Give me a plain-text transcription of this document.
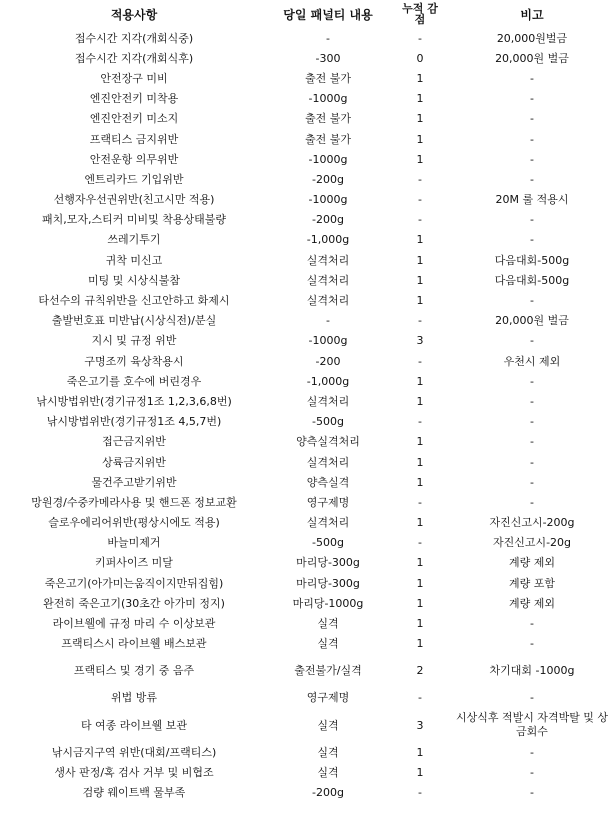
적용사항	당일 패널티 내용	누적 감점	비고
접수시간 지각(개회식중)	-	-	20,000원벌금
접수시간 지각(개회식후)	-300	0	20,000원 벌금
안전장구 미비	출전 불가	1	-
엔진안전키 미착용	-1000g	1	-
엔진안전키 미소지	출전 불가	1	-
프랙티스 금지위반	출전 불가	1	-
안전운항 의무위반	-1000g	1	-
엔트리카드 기입위반	-200g	-	-
선행자우선권위반(친고시만 적용)	-1000g	-	20M 룰 적용시
패치,모자,스티커 미비및 착용상태불량	-200g	-	-
쓰레기투기	-1,000g	1	-
귀착 미신고	실격처리	1	다음대회-500g
미팅 및 시상식불참	실격처리	1	다음대회-500g
타선수의 규칙위반을 신고안하고 화제시	실격처리	1	-
출발번호표 미반납(시상식전)/분실	-	-	20,000원 벌금
지시 및 규정 위반	-1000g	3	-
구명조끼 육상착용시	-200	-	우천시 제외
죽은고기를 호수에 버린경우	-1,000g	1	-
낚시방법위반(경기규정1조 1,2,3,6,8번)	실격처리	1	-
낚시방법위반(경기규정1조 4,5,7번)	-500g	-	-
접근금지위반	양측실격처리	1	-
상륙금지위반	실격처리	1	-
물건주고받기위반	양측실격	1	-
망원경/수중카메라사용 및 핸드폰 정보교환	영구제명	-	-
슬로우에리어위반(평상시에도 적용)	실격처리	1	자진신고시-200g
바늘미제거	-500g	-	자진신고시-20g
키퍼사이즈 미달	마리당-300g	1	계량 제외
죽은고기(아가미는움직이지만뒤집힘)	마리당-300g	1	계량 포함
완전히 죽은고기(30초간 아가미 정지)	마리당-1000g	1	계량 제외
라이브웰에 규정 마리 수 이상보관	실격	1	-
프랙티스시 라이브웰 배스보관	실격	1	-
프랙티스 및 경기 중 음주	출전불가/실격	2	차기대회 -1000g
위법 방류	영구제명	-	-
타 여종 라이브웰 보관	실격	3	시상식후 적발시 자격박탈 및 상금회수
낚시금지구역 위반(대회/프랙티스)	실격	1	-
생사 판정/혹 검사 거부 및 비협조	실격	1	-
검량 웨이트백 물부족	-200g	-	-
